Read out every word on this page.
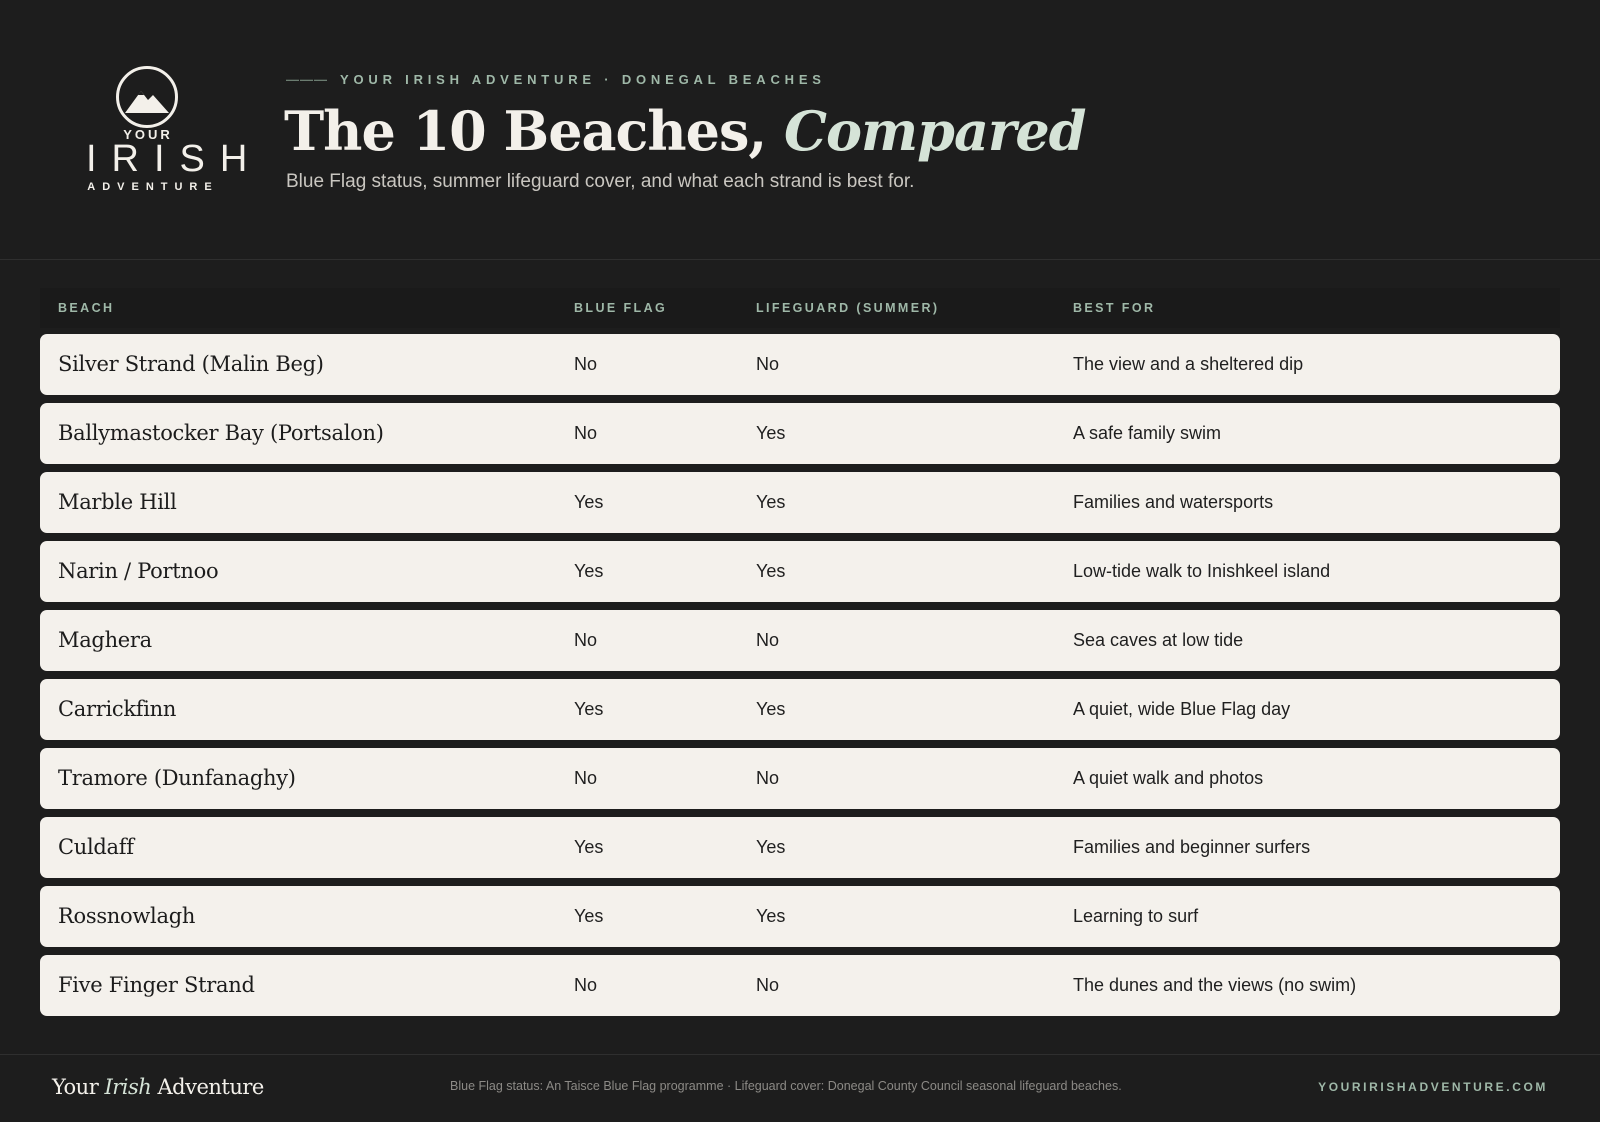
YOUR
IRISH
ADVENTURE
——— YOUR IRISH ADVENTURE · DONEGAL BEACHES
The 10 Beaches, Compared
Blue Flag status, summer lifeguard cover, and what each strand is best for.
BEACH	BLUE FLAG	LIFEGUARD (SUMMER)	BEST FOR
Silver Strand (Malin Beg)	No	No	The view and a sheltered dip
Ballymastocker Bay (Portsalon)	No	Yes	A safe family swim
Marble Hill	Yes	Yes	Families and watersports
Narin / Portnoo	Yes	Yes	Low-tide walk to Inishkeel island
Maghera	No	No	Sea caves at low tide
Carrickfinn	Yes	Yes	A quiet, wide Blue Flag day
Tramore (Dunfanaghy)	No	No	A quiet walk and photos
Culdaff	Yes	Yes	Families and beginner surfers
Rossnowlagh	Yes	Yes	Learning to surf
Five Finger Strand	No	No	The dunes and the views (no swim)
Your Irish Adventure	Blue Flag status: An Taisce Blue Flag programme · Lifeguard cover: Donegal County Council seasonal lifeguard beaches.	YOURIRISHADVENTURE.COM
